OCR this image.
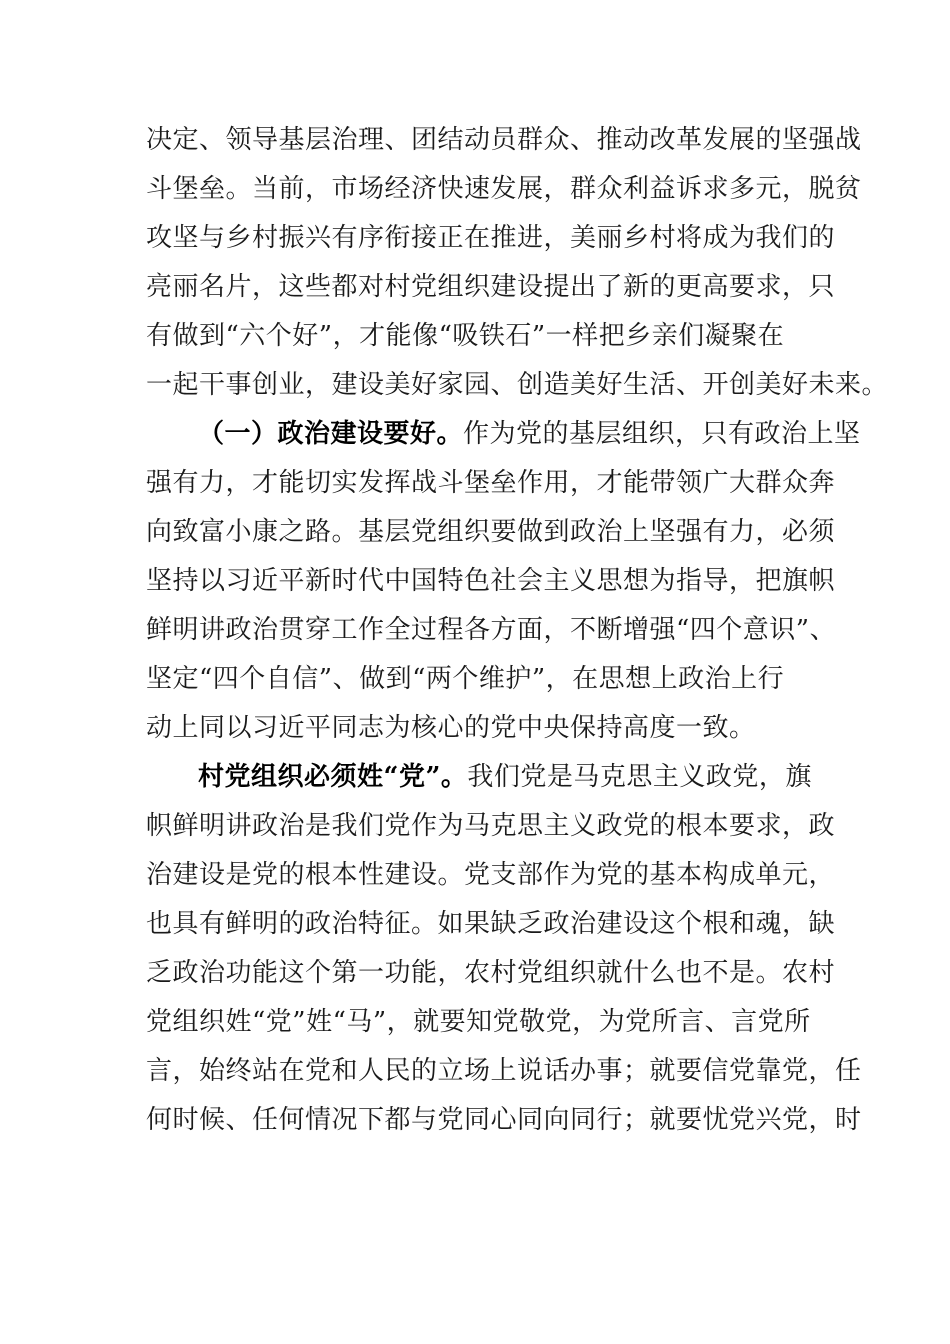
决定、领导基层治理、团结动员群众、推动改革发展的坚强战
斗堡垒。当前，市场经济快速发展，群众利益诉求多元，脱贫
攻坚与乡村振兴有序衔接正在推进，美丽乡村将成为我们的
亮丽名片，这些都对村党组织建设提出了新的更高要求，只
有做到“六个好”，才能像“吸铁石”一样把乡亲们凝聚在
一起干事创业，建设美好家园、创造美好生活、开创美好未来。
（一）政治建设要好。作为党的基层组织，只有政治上坚
强有力，才能切实发挥战斗堡垒作用，才能带领广大群众奔
向致富小康之路。基层党组织要做到政治上坚强有力，必须
坚持以习近平新时代中国特色社会主义思想为指导，把旗帜
鲜明讲政治贯穿工作全过程各方面，不断增强“四个意识”、
坚定“四个自信”、做到“两个维护”，在思想上政治上行
动上同以习近平同志为核心的党中央保持高度一致。
村党组织必须姓“党”。我们党是马克思主义政党，旗
帜鲜明讲政治是我们党作为马克思主义政党的根本要求，政
治建设是党的根本性建设。党支部作为党的基本构成单元，
也具有鲜明的政治特征。如果缺乏政治建设这个根和魂，缺
乏政治功能这个第一功能，农村党组织就什么也不是。农村
党组织姓“党”姓“马”，就要知党敬党，为党所言、言党所
言，始终站在党和人民的立场上说话办事；就要信党靠党，任
何时候、任何情况下都与党同心同向同行；就要忧党兴党，时
